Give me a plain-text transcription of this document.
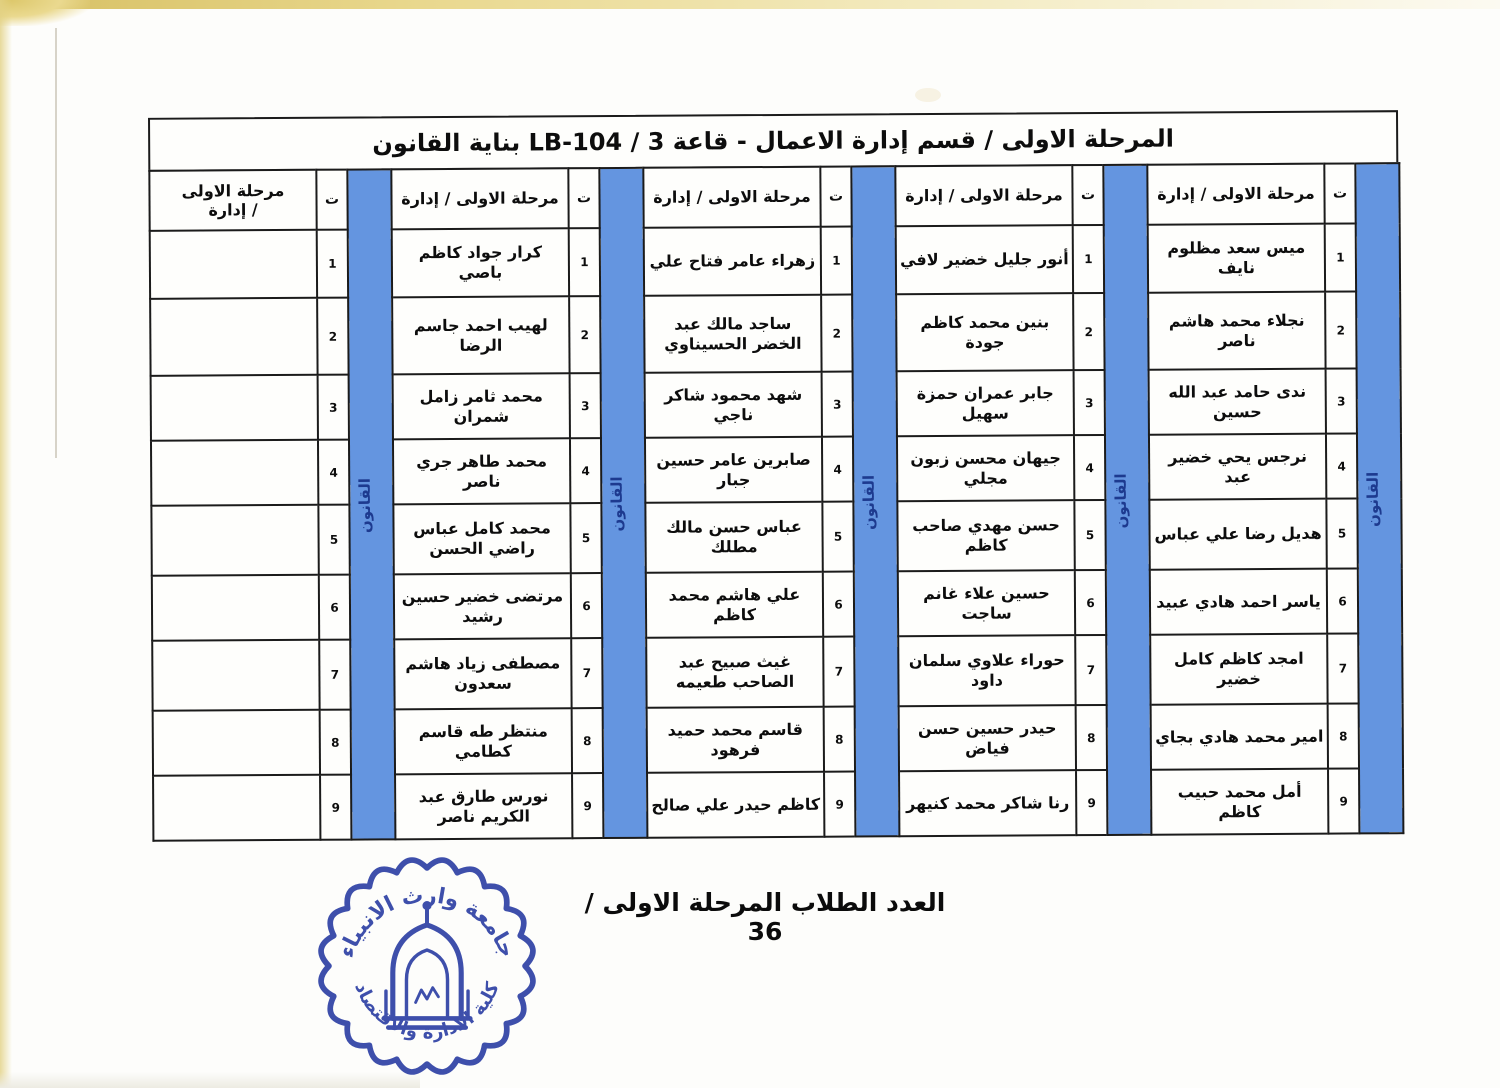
المرحلة الاولى / قسم إدارة الاعمال - قاعة 3 / LB-104 بناية القانون
القانون	ت	مرحلة الاولى / إدارة	القانون	ت	مرحلة الاولى / إدارة	القانون	ت	مرحلة الاولى / إدارة	القانون	ت	مرحلة الاولى / إدارة	القانون	ت	مرحلة الاولى / إدارة
	1	ميس سعد مظلوم نايف		1	أنور جليل خضير لافي		1	زهراء عامر فتاح علي		1	كرار جواد كاظم باصي		1	
	2	نجلاء محمد هاشم ناصر		2	بنين محمد كاظم جودة		2	ساجد مالك عبد الخضر الحسيناوي		2	لهيب احمد جاسم الرضا		2	
	3	ندى حامد عبد الله حسين		3	جابر عمران حمزة سهيل		3	شهد محمود شاكر ناجي		3	محمد ثامر زامل شمران		3	
	4	نرجس يحي خضير عبد		4	جيهان محسن زبون مجلي		4	صابرين عامر حسين جبار		4	محمد طاهر جري ناصر		4	
	5	هديل رضا علي عباس		5	حسن مهدي صاحب كاظم		5	عباس حسن مالك مطلك		5	محمد كامل عباس راضي الحسن		5	
	6	ياسر احمد هادي عبيد		6	حسين علاء غانم ساجت		6	علي هاشم محمد كاظم		6	مرتضى خضير حسين رشيد		6	
	7	امجد كاظم كامل خضير		7	حوراء علاوي سلمان داود		7	غيث صبيح عبد الصاحب طعيمه		7	مصطفى زياد هاشم سعدون		7	
	8	امير محمد هادي بجاي		8	حيدر حسين حسن فياض		8	قاسم محمد حميد فرهود		8	منتظر طه قاسم كطامي		8	
	9	أمل محمد حبيب كاظم		9	رنا شاكر محمد كنيهر		9	كاظم حيدر علي صالح		9	نورس طارق عبد الكريم ناصر		9	
العدد الطلاب المرحلة الاولى / 36
جامعة وارث الانبياء
كلية الادارة والاقتصاد
